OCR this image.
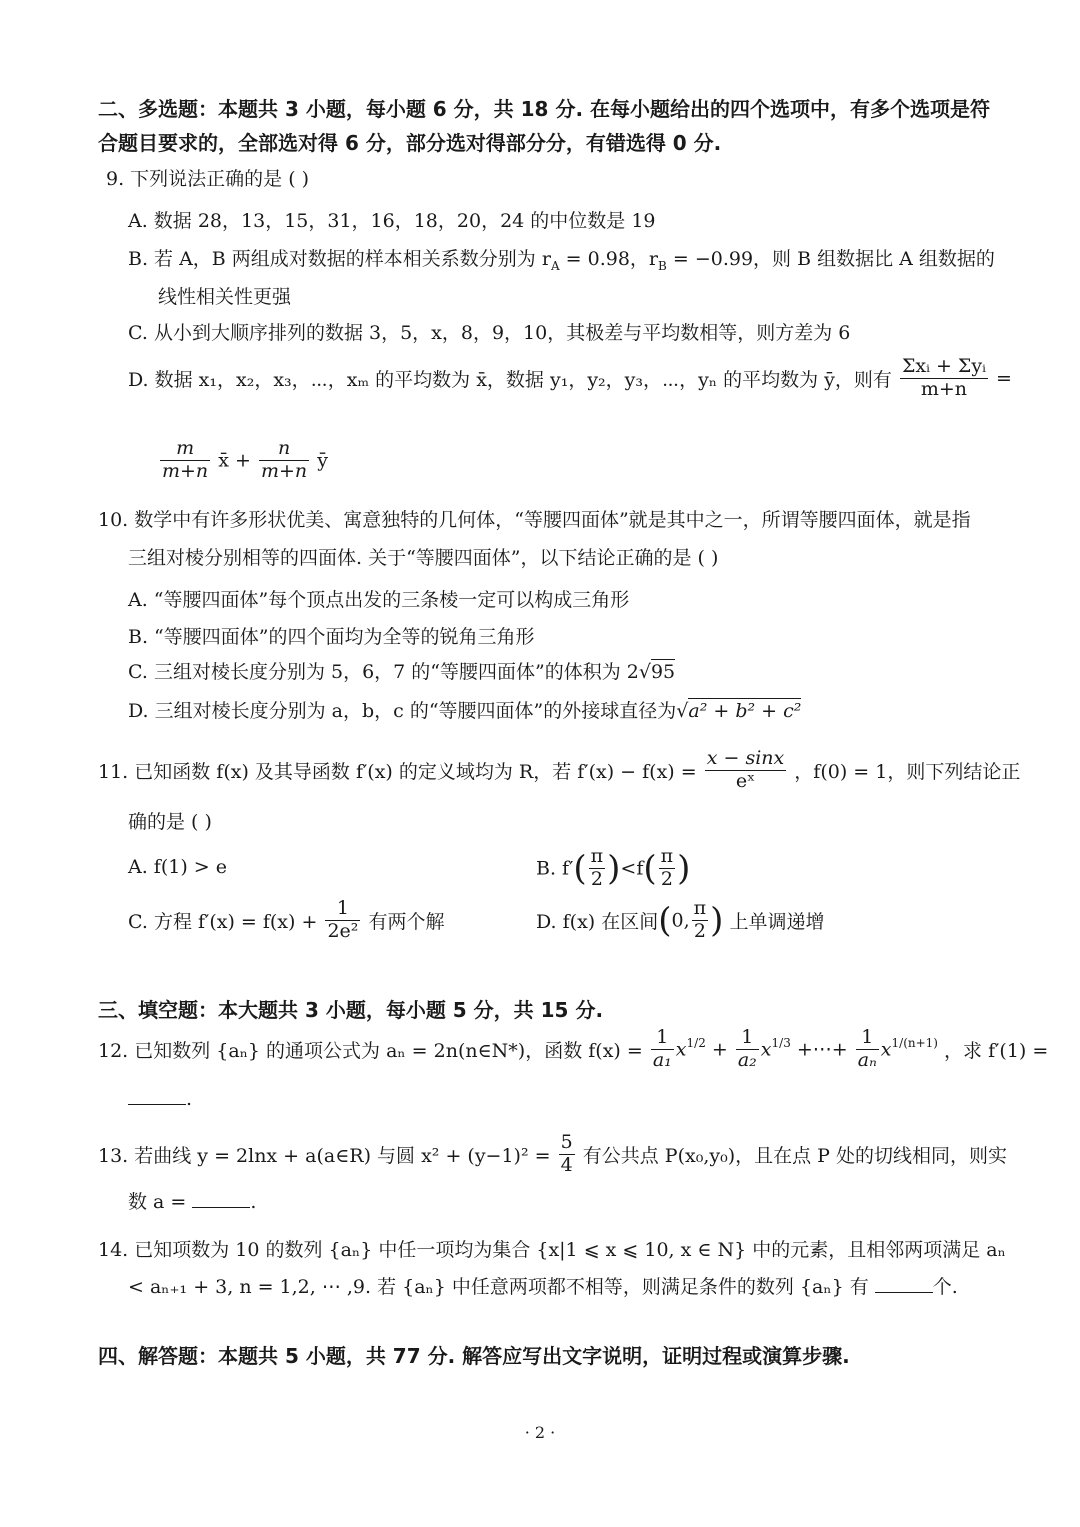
二、多选题：本题共 3 小题，每小题 6 分，共 18 分. 在每小题给出的四个选项中，有多个选项是符
合题目要求的，全部选对得 6 分，部分选对得部分分，有错选得 0 分.
9. 下列说法正确的是 ( )
A. 数据 28，13，15，31，16，18，20，24 的中位数是 19
B. 若 A，B 两组成对数据的样本相关系数分别为 $r_A = 0.98$，$r_B = -0.99$，则 B 组数据比 A 组数据的
线性相关性更强
C. 从小到大顺序排列的数据 3，5，x，8，9，10，其极差与平均数相等，则方差为 6
D. 数据 x₁，x₂，x₃，⋯，xₘ 的平均数为 x̄，数据 y₁，y₂，y₃，⋯，yₙ 的平均数为 ȳ，则有
Σxᵢ + Σyᵢ
m+n	=
$\frac{m}{m+n}$ x̄ + $\frac{n}{m+n}$ ȳ
10. 数学中有许多形状优美、寓意独特的几何体，“等腰四面体”就是其中之一，所谓等腰四面体，就是指
三组对棱分别相等的四面体. 关于“等腰四面体”，以下结论正确的是 ( )
A. “等腰四面体”每个顶点出发的三条棱一定可以构成三角形
B. “等腰四面体”的四个面均为全等的锐角三角形
C. 三组对棱长度分别为 5，6，7 的“等腰四面体”的体积为 2√95
D. 三组对棱长度分别为 a，b，c 的“等腰四面体”的外接球直径为√a² + b² + c²
11. 已知函数 f(x) 及其导函数 f′(x) 的定义域均为 R，若 $f'(x) - f(x) = \frac{x - \sin x}{\text{eˣ}}$ ，f(0) = 1，则下列结论正
确的是 ( )
A. f(1) > e	B. $f'( \frac{\pi}{2} )<f( \frac{\pi}{2}$ )
C. 方程 $f'(x) = f(x) + \frac{1}{\text{2e²}}$ 有两个解	D. f(x) 在区间(0, $\frac{\pi}{2}$ ) 上单调递增
三、填空题：本大题共 3 小题，每小题 5 分，共 15 分.
12. 已知数列 {aₙ} 的通项公式为 aₙ = 2n(n∈N*)，函数 $f(x) = \frac{1}{\text{a₁}} x^{1/2} + \frac{1}{\text{a₂}} x^{1/3}$ +⋯+ $\frac{1}{\text{aₙ}} x^{1/(n+1)}$ ，求 f′(1) =
.
13. 若曲线 y = 2lnx + a(a∈R) 与圆 $x^2 + (y-1)^2 = \frac{5}{4}$ 有公共点 P(x₀,y₀)，且在点 P 处的切线相同，则实
数 a =	.
14. 已知项数为 10 的数列 {aₙ} 中任一项均为集合 {x|1 ⩽ x ⩽ 10, x ∈ N} 中的元素，且相邻两项满足 aₙ
< aₙ₊₁ + 3, n = 1,2, ⋯ ,9. 若 {aₙ} 中任意两项都不相等，则满足条件的数列 {aₙ} 有	个.
四、解答题：本题共 5 小题，共 77 分. 解答应写出文字说明，证明过程或演算步骤.
· 2 ·
